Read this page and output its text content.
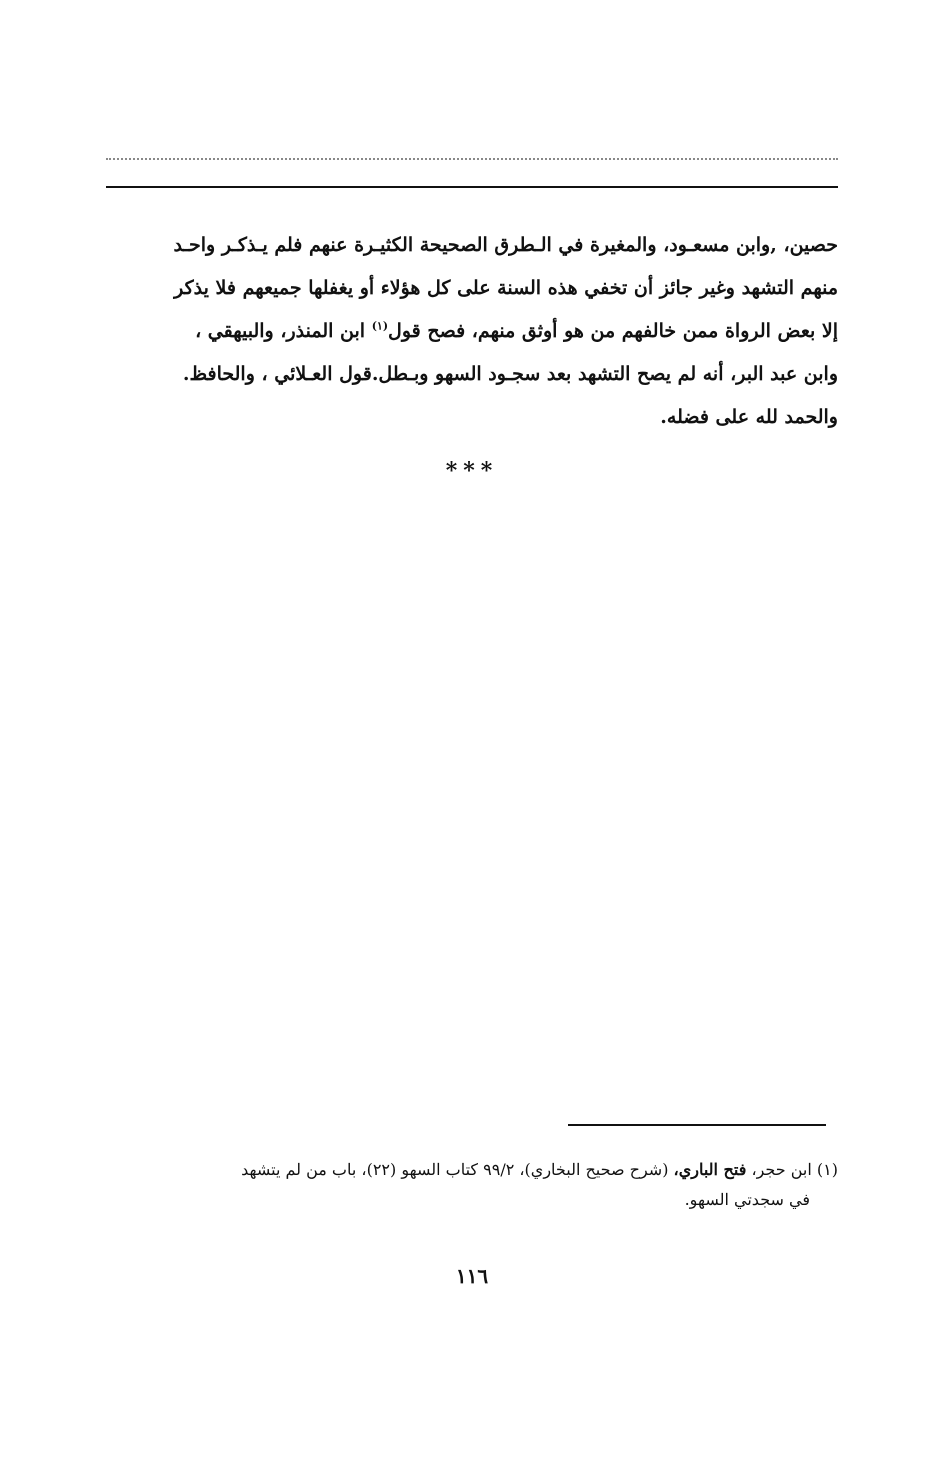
حصين، ,وابن مسعـود، والمغيرة في الـطرق الصحيحة الكثيـرة عنهم فلم يـذكـر واحـد
منهم التشهد وغير جائز أن تخفي هذه السنة على كل هؤلاء أو يغفلها جميعهم فلا يذكر
إلا بعض الرواة ممن خالفهم من هو أوثق منهم، فصح قول$^{(١)}$ ابن المنذر، والبيهقي ،
وابن عبد البر، أنه لم يصح التشهد بعد سجـود السهو وبـطل.قول العـلائي ، والحافظ.
والحمد لله على فضله.
***
(١) ابن حجر، فتح الباري، (شرح صحيح البخاري)، ٩٩/٢ كتاب السهو (٢٢)، باب من لم يتشهد
في سجدتي السهو.
١١٦
